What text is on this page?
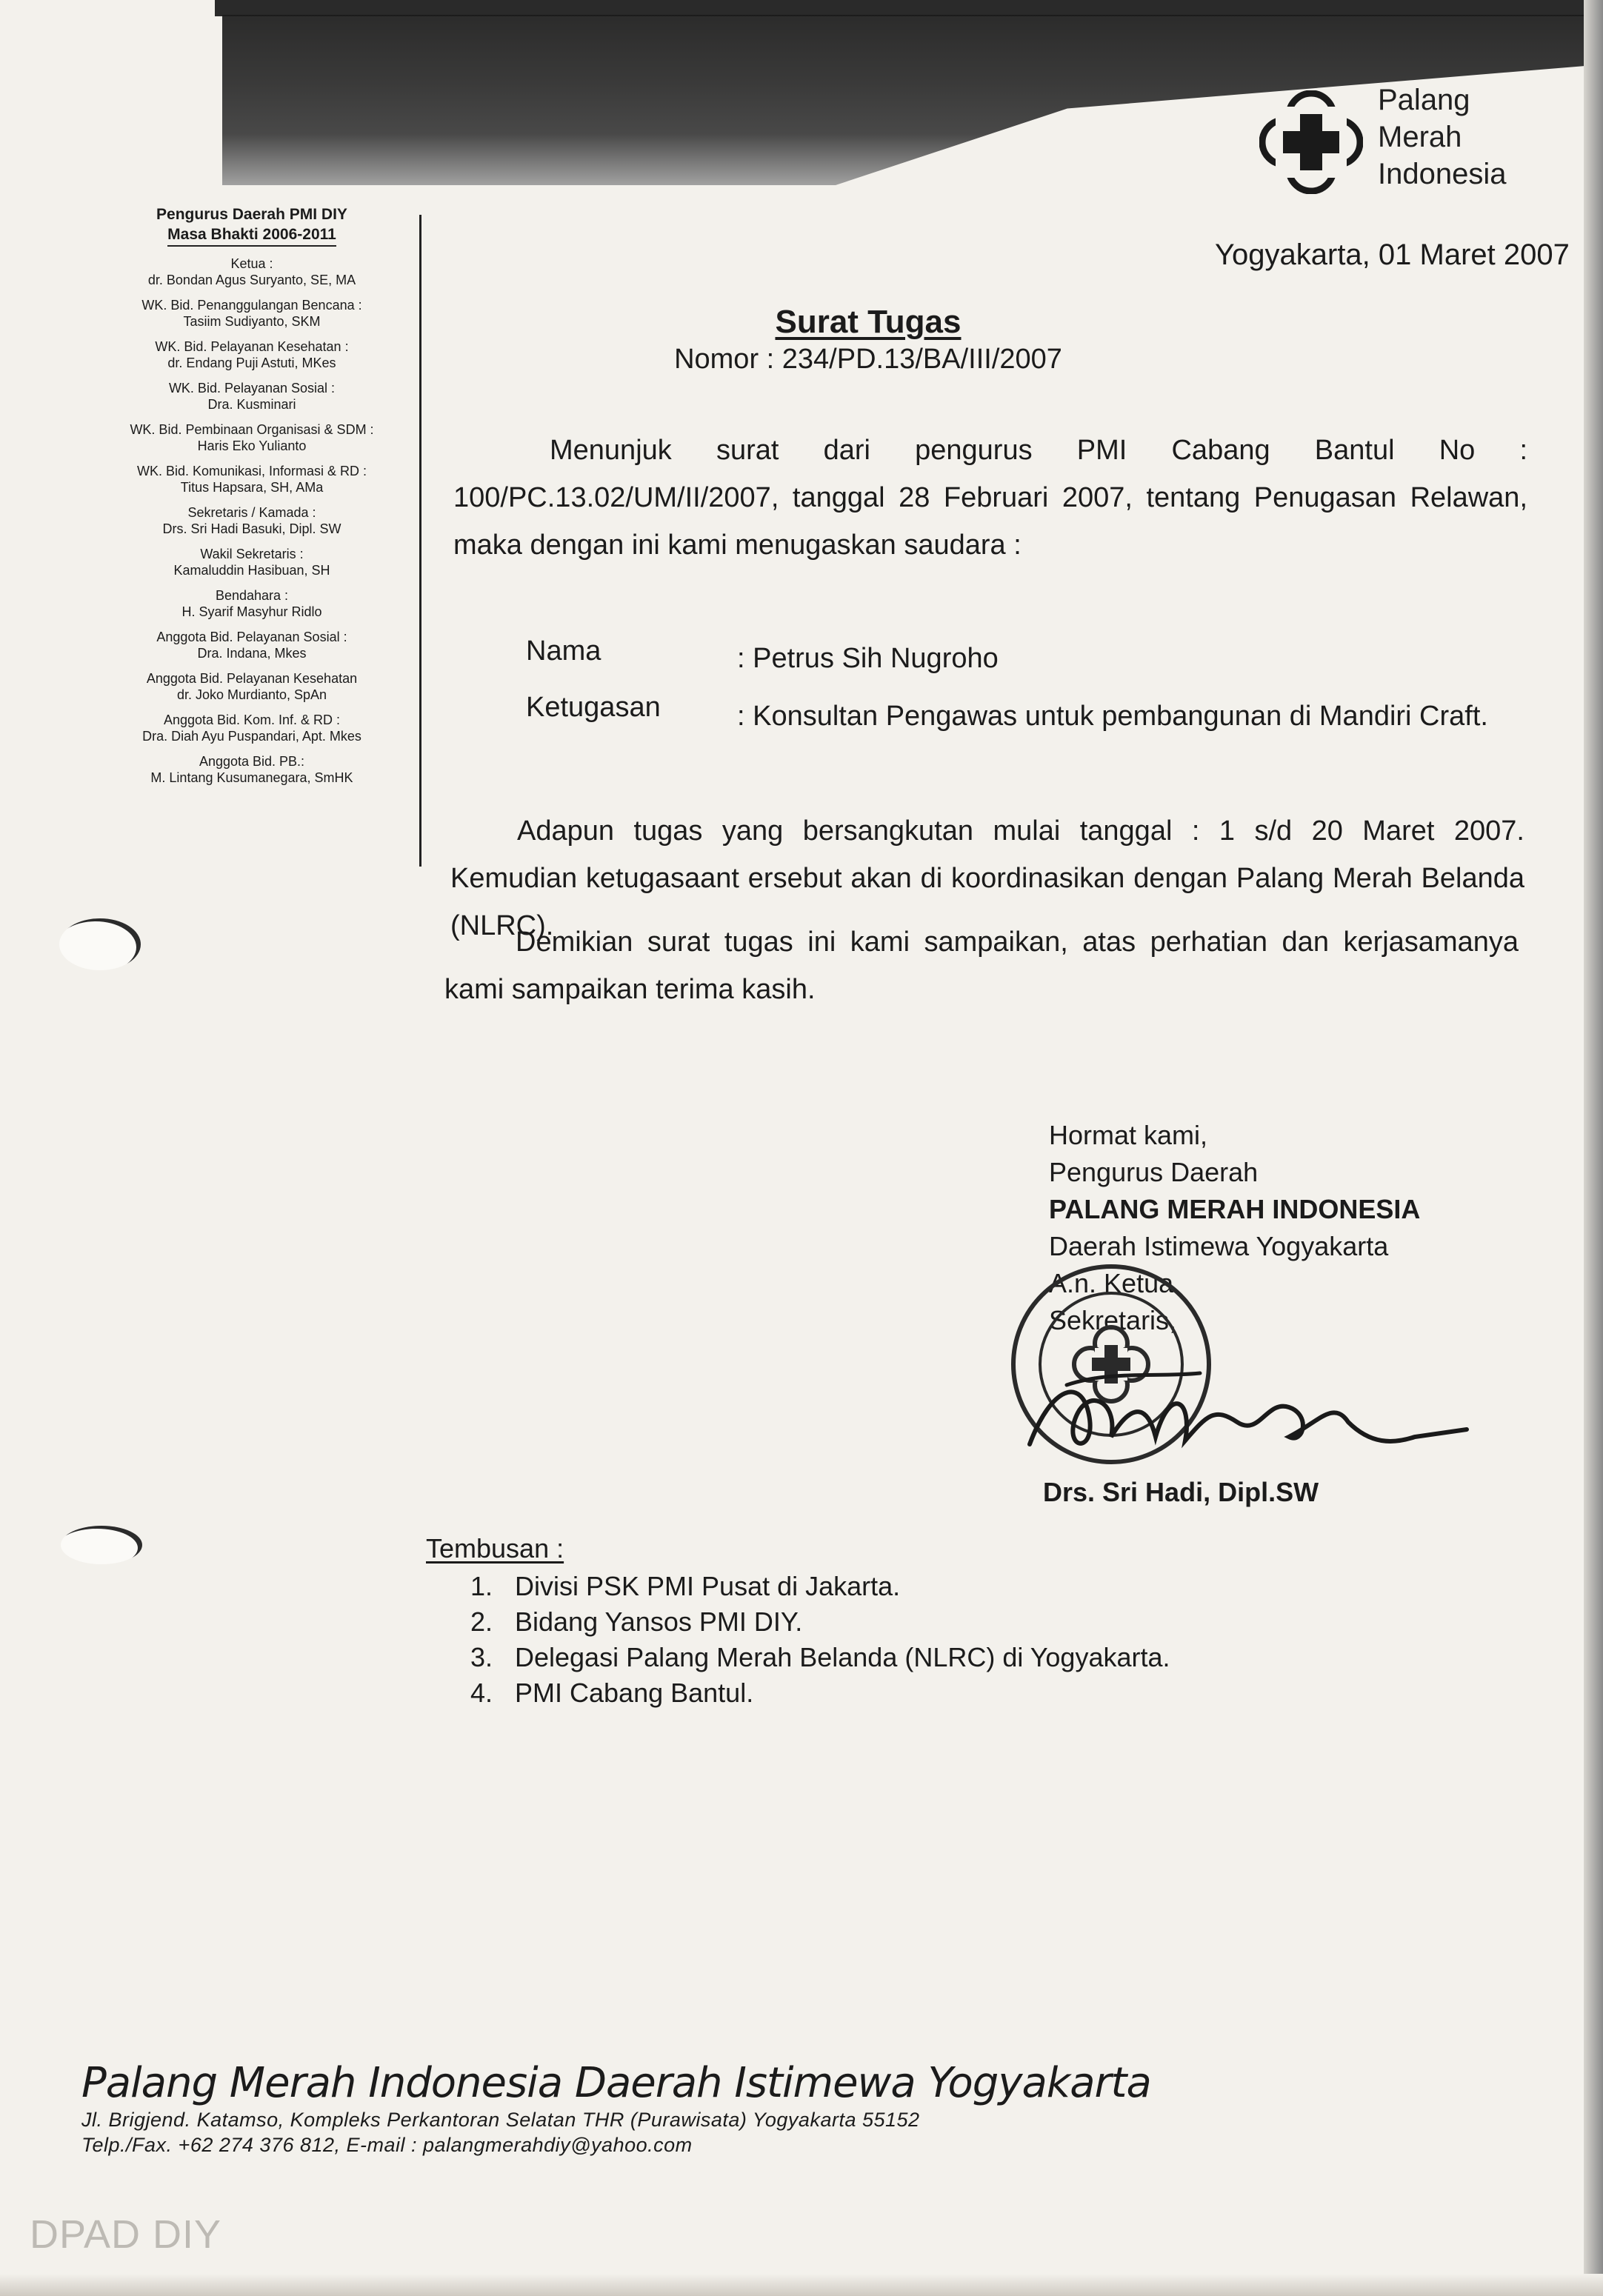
Palang
Merah
Indonesia
Pengurus Daerah PMI DIY
Masa Bhakti 2006-2011
Ketua :
dr. Bondan Agus Suryanto, SE, MA
WK. Bid. Penanggulangan Bencana :
Tasiim Sudiyanto, SKM
WK. Bid. Pelayanan Kesehatan :
dr. Endang Puji Astuti, MKes
WK. Bid. Pelayanan Sosial :
Dra. Kusminari
WK. Bid. Pembinaan Organisasi & SDM :
Haris Eko Yulianto
WK. Bid. Komunikasi, Informasi & RD :
Titus Hapsara, SH, AMa
Sekretaris / Kamada :
Drs. Sri Hadi Basuki, Dipl. SW
Wakil Sekretaris :
Kamaluddin Hasibuan, SH
Bendahara :
H. Syarif Masyhur Ridlo
Anggota Bid. Pelayanan Sosial :
Dra. Indana, Mkes
Anggota Bid. Pelayanan Kesehatan
dr. Joko Murdianto, SpAn
Anggota Bid. Kom. Inf. & RD :
Dra. Diah Ayu Puspandari, Apt. Mkes
Anggota Bid. PB.:
M. Lintang Kusumanegara, SmHK
Yogyakarta, 01 Maret 2007
Surat Tugas
Nomor : 234/PD.13/BA/III/2007
Menunjuk surat dari pengurus PMI Cabang Bantul No : 100/PC.13.02/UM/II/2007, tanggal 28 Februari 2007, tentang Penugasan Relawan, maka dengan ini kami menugaskan saudara :
Nama	: Petrus Sih Nugroho
Ketugasan	: Konsultan Pengawas untuk pembangunan di Mandiri Craft.
Adapun tugas yang bersangkutan mulai tanggal : 1 s/d 20 Maret 2007. Kemudian ketugasaant ersebut akan di koordinasikan dengan Palang Merah Belanda (NLRC).
Demikian surat tugas ini kami sampaikan, atas perhatian dan kerjasamanya kami sampaikan terima kasih.
Hormat kami,
Pengurus Daerah
PALANG MERAH INDONESIA
Daerah Istimewa Yogyakarta
A.n. Ketua
Sekretaris,
Drs. Sri Hadi, Dipl.SW
Tembusan :
1. Divisi PSK PMI Pusat di Jakarta.
2. Bidang Yansos PMI DIY.
3. Delegasi Palang Merah Belanda (NLRC) di Yogyakarta.
4. PMI Cabang Bantul.
Palang Merah Indonesia Daerah Istimewa Yogyakarta
Jl. Brigjend. Katamso, Kompleks Perkantoran Selatan THR (Purawisata) Yogyakarta 55152
Telp./Fax. +62 274 376 812, E-mail : palangmerahdiy@yahoo.com
DPAD DIY
